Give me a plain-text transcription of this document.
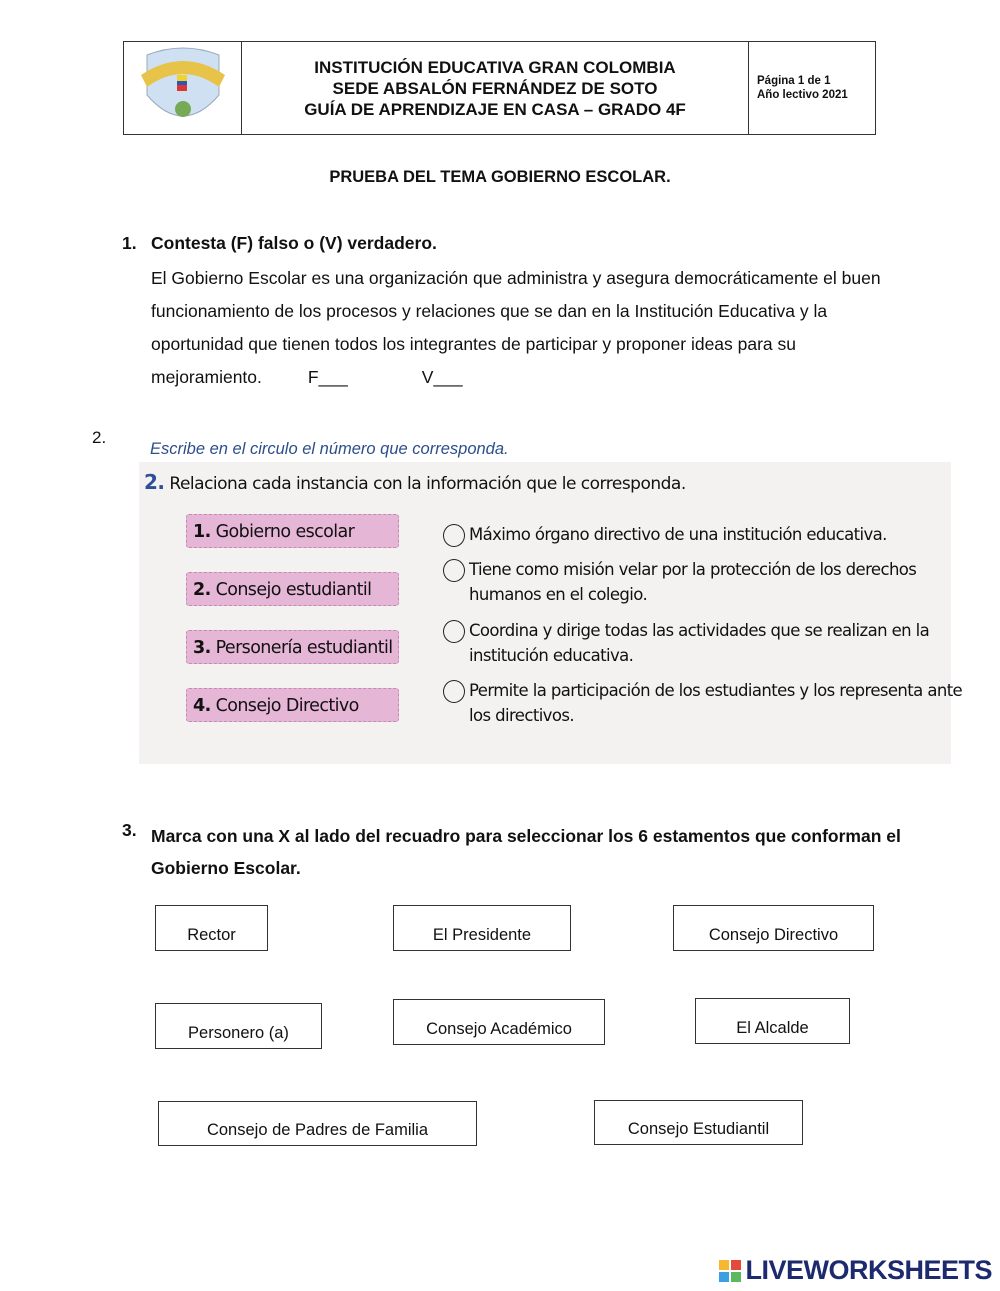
INSTITUCIÓN EDUCATIVA GRAN COLOMBIA
SEDE ABSALÓN FERNÁNDEZ DE SOTO
GUÍA DE APRENDIZAJE EN CASA – GRADO 4F
Página 1 de 1
Año lectivo 2021
PRUEBA DEL TEMA GOBIERNO ESCOLAR.
1. Contesta (F) falso o (V) verdadero.
El Gobierno Escolar es una organización que administra y asegura democráticamente el buen funcionamiento de los procesos y relaciones que se dan en la Institución Educativa y la oportunidad que tienen todos los integrantes de participar y proponer ideas para su mejoramiento.	F___	V___
2.
Escribe en el circulo el número que corresponda.
2. Relaciona cada instancia con la información que le corresponda.
1. Gobierno escolar
2. Consejo estudiantil
3. Personería estudiantil
4. Consejo Directivo
Máximo órgano directivo de una institución educativa.
Tiene como misión velar por la protección de los derechos humanos en el colegio.
Coordina y dirige todas las actividades que se realizan en la institución educativa.
Permite la participación de los estudiantes y los representa ante los directivos.
3. Marca con una X al lado del recuadro para seleccionar los 6 estamentos que conforman el Gobierno Escolar.
Rector	El Presidente	Consejo Directivo
Personero (a)	Consejo Académico	El Alcalde
Consejo de Padres de Familia	Consejo Estudiantil
LIVEWORKSHEETS
